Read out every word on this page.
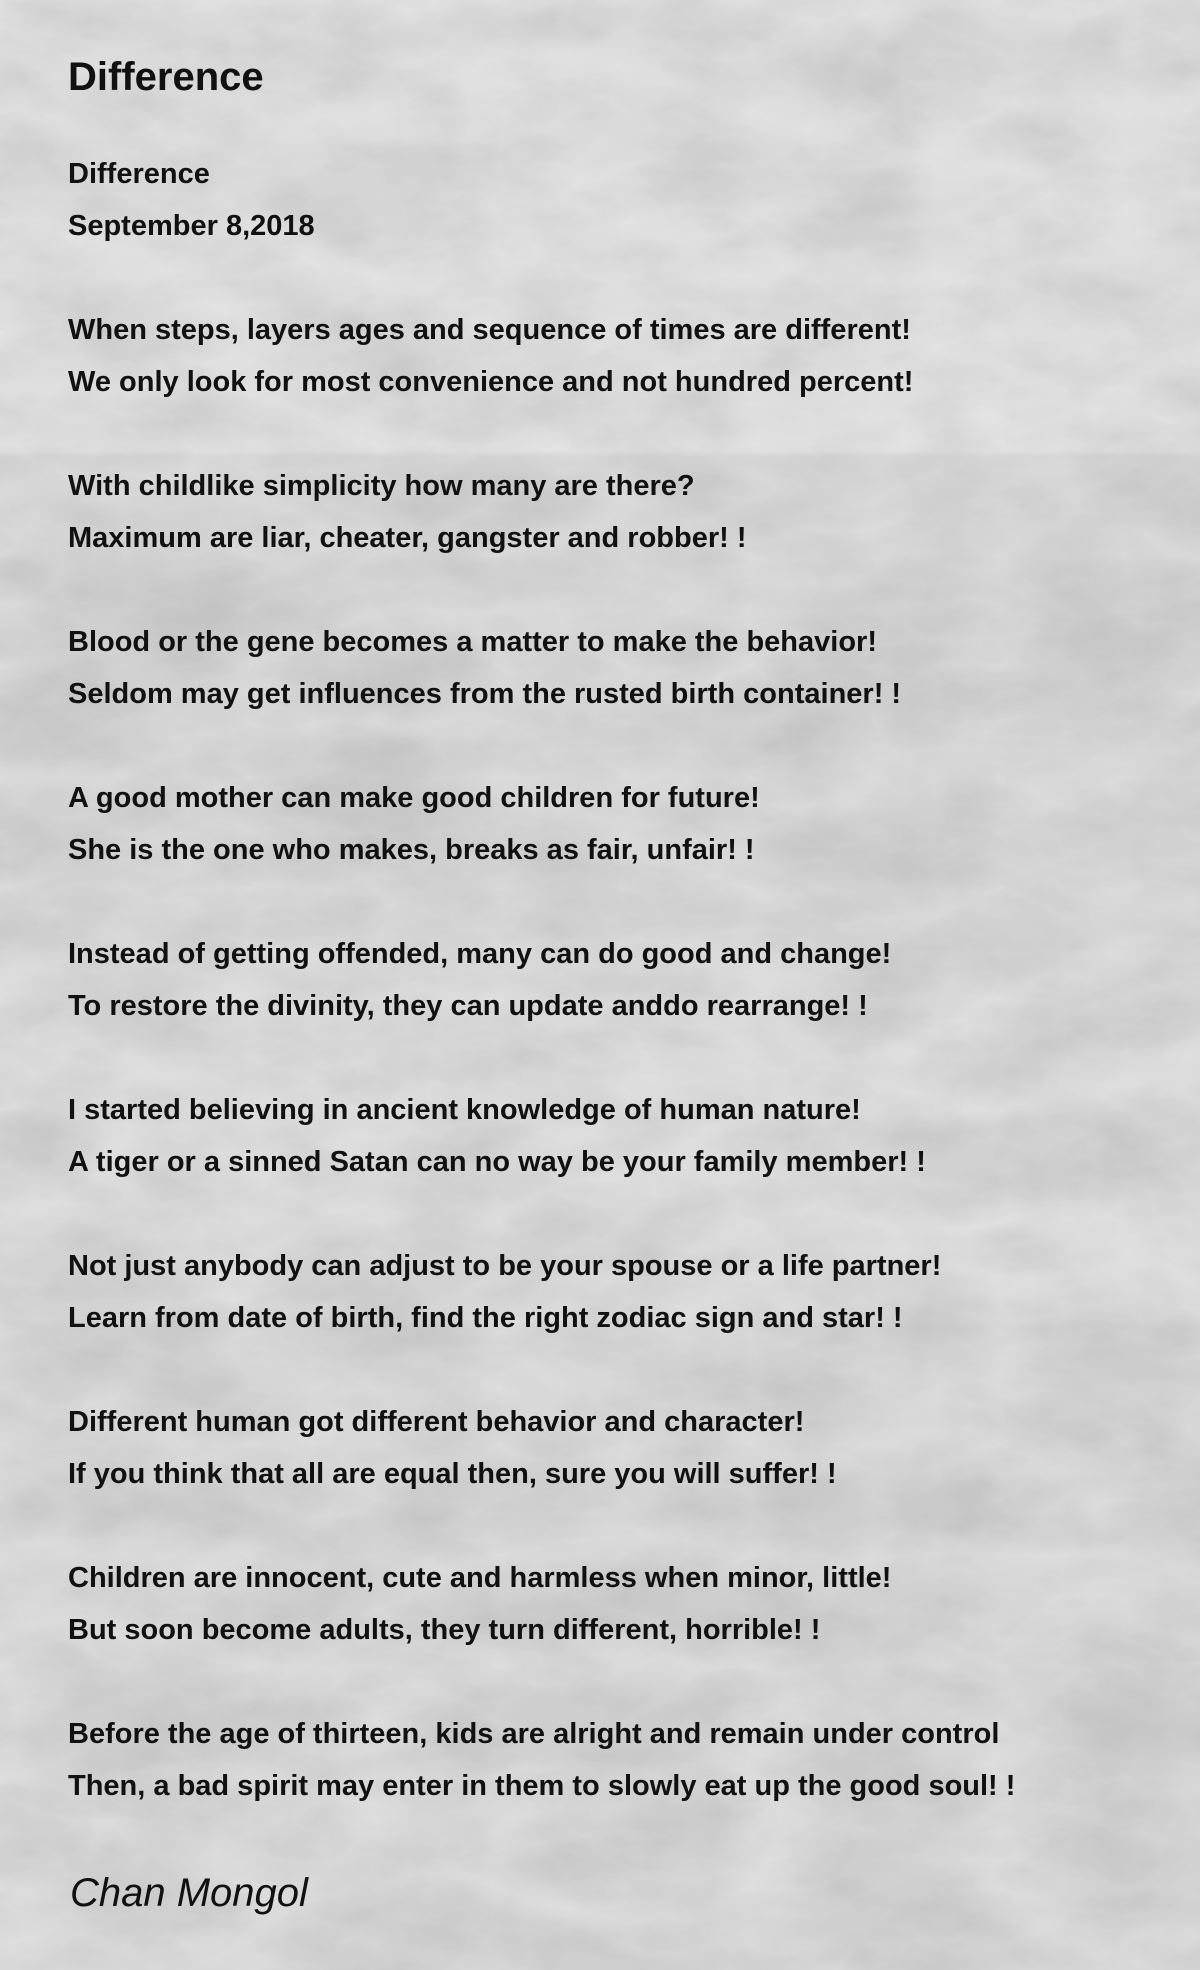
Difference
Difference
September 8,2018
When steps, layers ages and sequence of times are different!
We only look for most convenience and not hundred percent!
With childlike simplicity how many are there?
Maximum are liar, cheater, gangster and robber! !
Blood or the gene becomes a matter to make the behavior!
Seldom may get influences from the rusted birth container! !
A good mother can make good children for future!
She is the one who makes, breaks as fair, unfair! !
Instead of getting offended, many can do good and change!
To restore the divinity, they can update anddo rearrange! !
I started believing in ancient knowledge of human nature!
A tiger or a sinned Satan can no way be your family member! !
Not just anybody can adjust to be your spouse or a life partner!
Learn from date of birth, find the right zodiac sign and star! !
Different human got different behavior and character!
If you think that all are equal then, sure you will suffer! !
Children are innocent, cute and harmless when minor, little!
But soon become adults, they turn different, horrible! !
Before the age of thirteen, kids are alright and remain under control
Then, a bad spirit may enter in them to slowly eat up the good soul! !
Chan Mongol
